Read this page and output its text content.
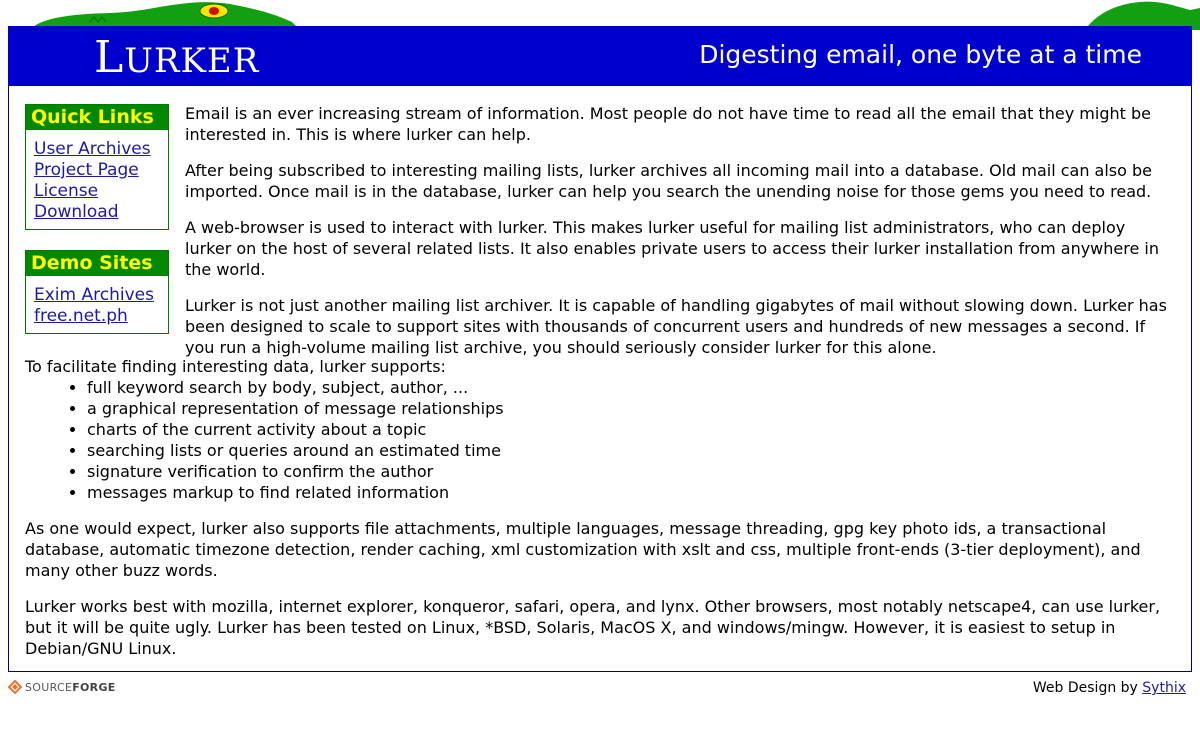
LURKER	Digesting email, one byte at a time
Quick Links
User Archives
Project Page
License
Download
Demo Sites
Exim Archives
free.net.ph

Email is an ever increasing stream of information. Most people do not have time to read all the email that they might be interested in. This is where lurker can help.

After being subscribed to interesting mailing lists, lurker archives all incoming mail into a database. Old mail can also be imported. Once mail is in the database, lurker can help you search the unending noise for those gems you need to read.

A web-browser is used to interact with lurker. This makes lurker useful for mailing list administrators, who can deploy lurker on the host of several related lists. It also enables private users to access their lurker installation from anywhere in the world.

Lurker is not just another mailing list archiver. It is capable of handling gigabytes of mail without slowing down. Lurker has been designed to scale to support sites with thousands of concurrent users and hundreds of new messages a second. If you run a high-volume mailing list archive, you should seriously consider lurker for this alone.

To facilitate finding interesting data, lurker supports:

• full keyword search by body, subject, author, ...
• a graphical representation of message relationships
• charts of the current activity about a topic
• searching lists or queries around an estimated time
• signature verification to confirm the author
• messages markup to find related information

As one would expect, lurker also supports file attachments, multiple languages, message threading, gpg key photo ids, a transactional database, automatic timezone detection, render caching, xml customization with xslt and css, multiple front-ends (3-tier deployment), and many other buzz words.

Lurker works best with mozilla, internet explorer, konqueror, safari, opera, and lynx. Other browsers, most notably netscape4, can use lurker, but it will be quite ugly. Lurker has been tested on Linux, *BSD, Solaris, MacOS X, and windows/mingw. However, it is easiest to setup in Debian/GNU Linux.

SOURCEFORGE	Web Design by Sythix
